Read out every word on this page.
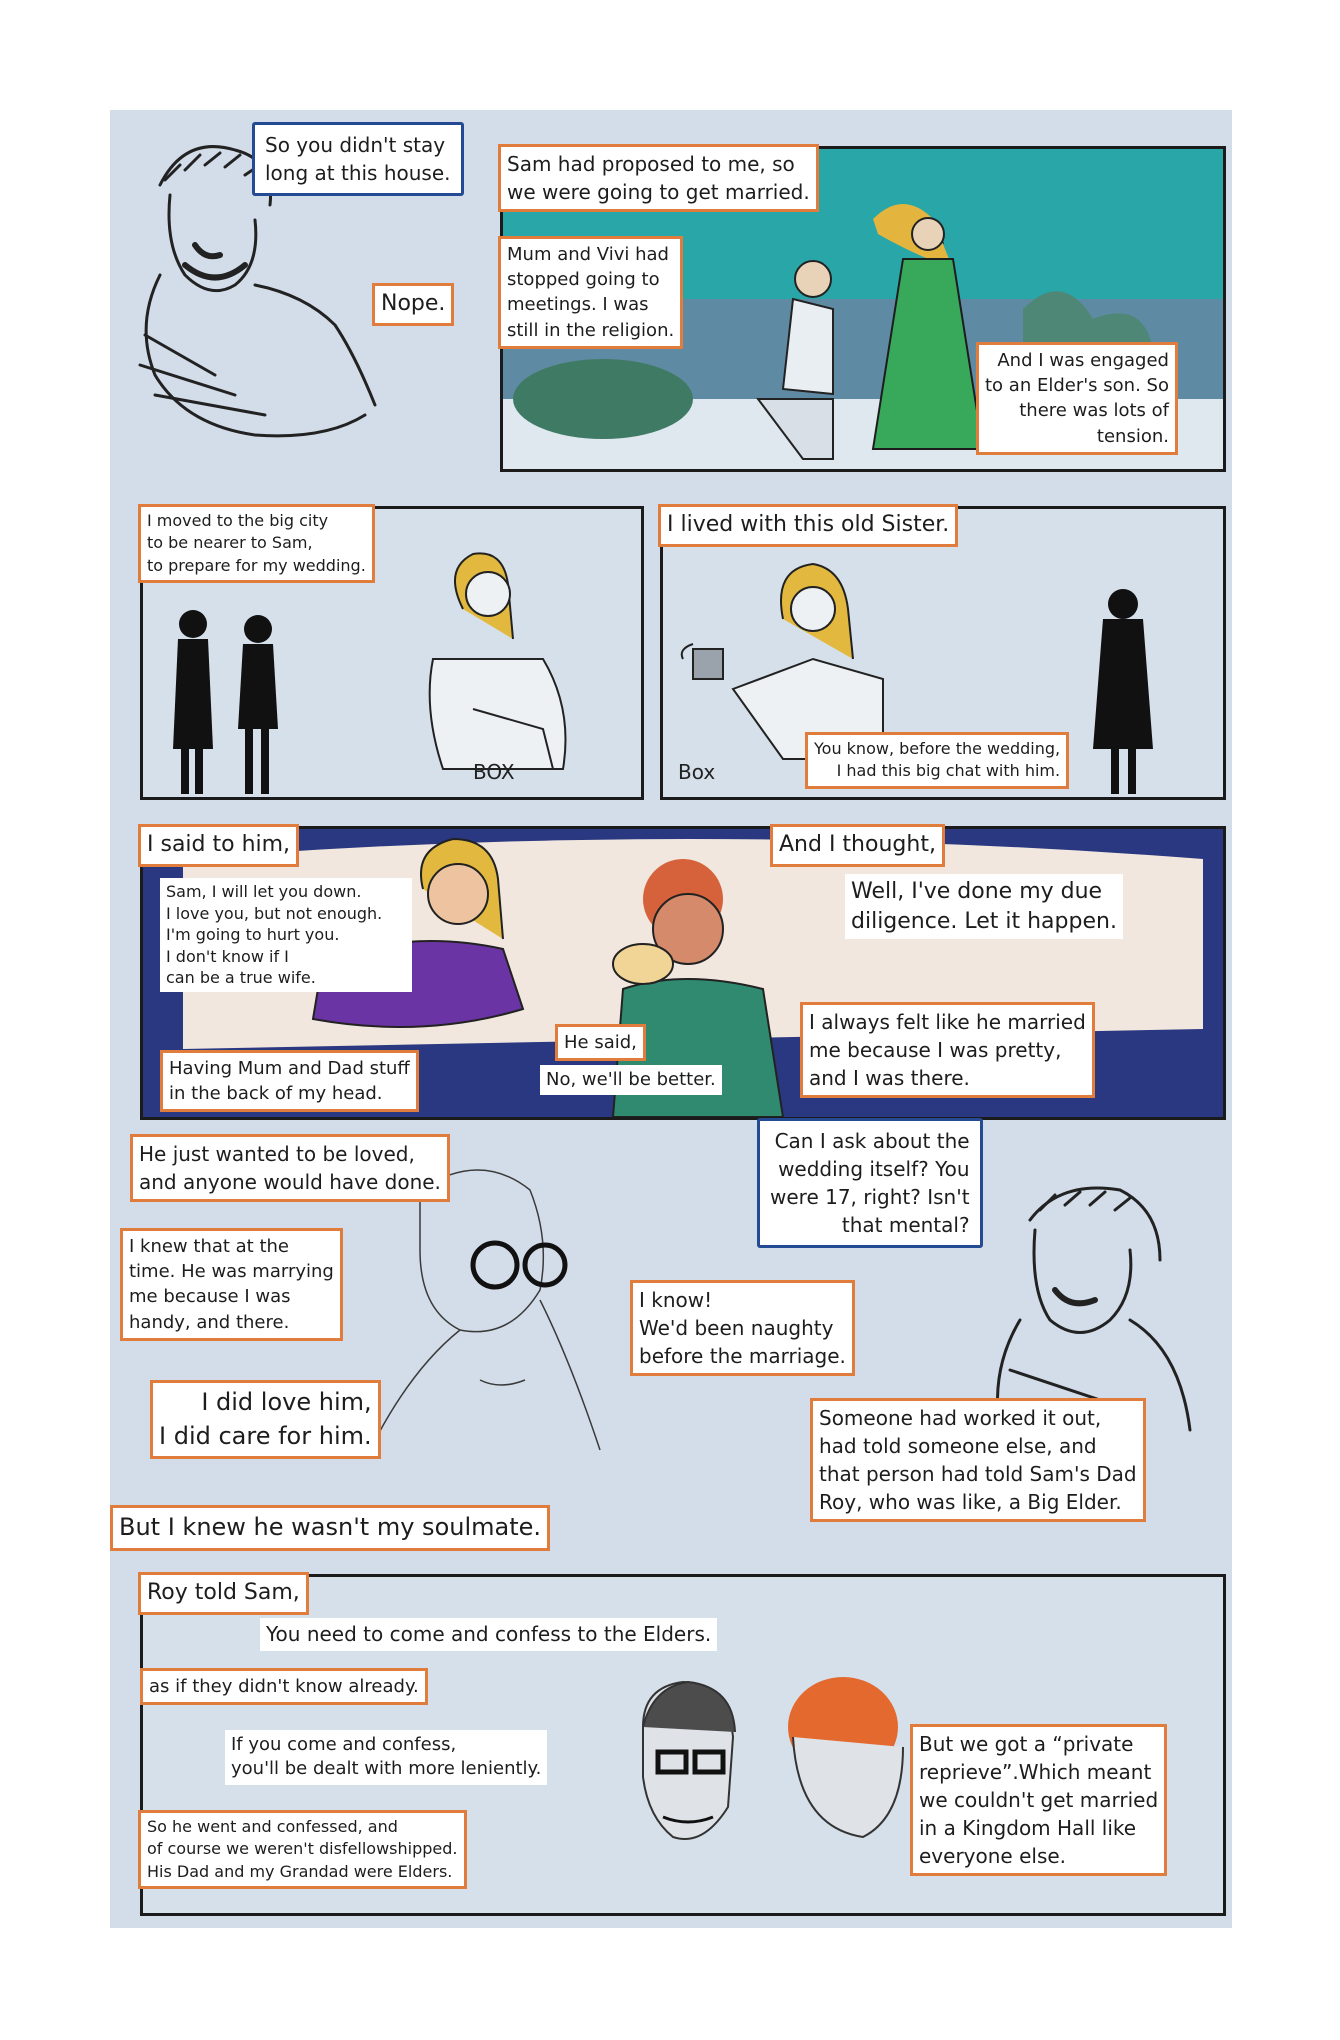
So you didn't stay
long at this house.
Nope.
Sam had proposed to me, so
we were going to get married.
Mum and Vivi had
stopped going to
meetings. I was
still in the religion.
And I was engaged
to an Elder's son. So
there was lots of
tension.
BOX
I moved to the big city
to be nearer to Sam,
to prepare for my wedding.
Box
I lived with this old Sister.
You know, before the wedding,
I had this big chat with him.
I said to him,
Sam, I will let you down.
I love you, but not enough.
I'm going to hurt you.
I don't know if I
can be a true wife.
Having Mum and Dad stuff
in the back of my head.
He said,
No, we'll be better.
And I thought,
Well, I've done my due
diligence. Let it happen.
I always felt like he married
me because I was pretty,
and I was there.
He just wanted to be loved,
and anyone would have done.
I knew that at the
time. He was marrying
me because I was
handy, and there.
I did love him,
I did care for him.
But I knew he wasn't my soulmate.
Can I ask about the
wedding itself? You
were 17, right? Isn't
that mental?
I know!
We'd been naughty
before the marriage.
Someone had worked it out,
had told someone else, and
that person had told Sam's Dad
Roy, who was like, a Big Elder.
Roy told Sam,
You need to come and confess to the Elders.
as if they didn't know already.
If you come and confess,
you'll be dealt with more leniently.
So he went and confessed, and
of course we weren't disfellowshipped.
His Dad and my Grandad were Elders.
But we got a “private
reprieve”.Which meant
we couldn't get married
in a Kingdom Hall like
everyone else.
